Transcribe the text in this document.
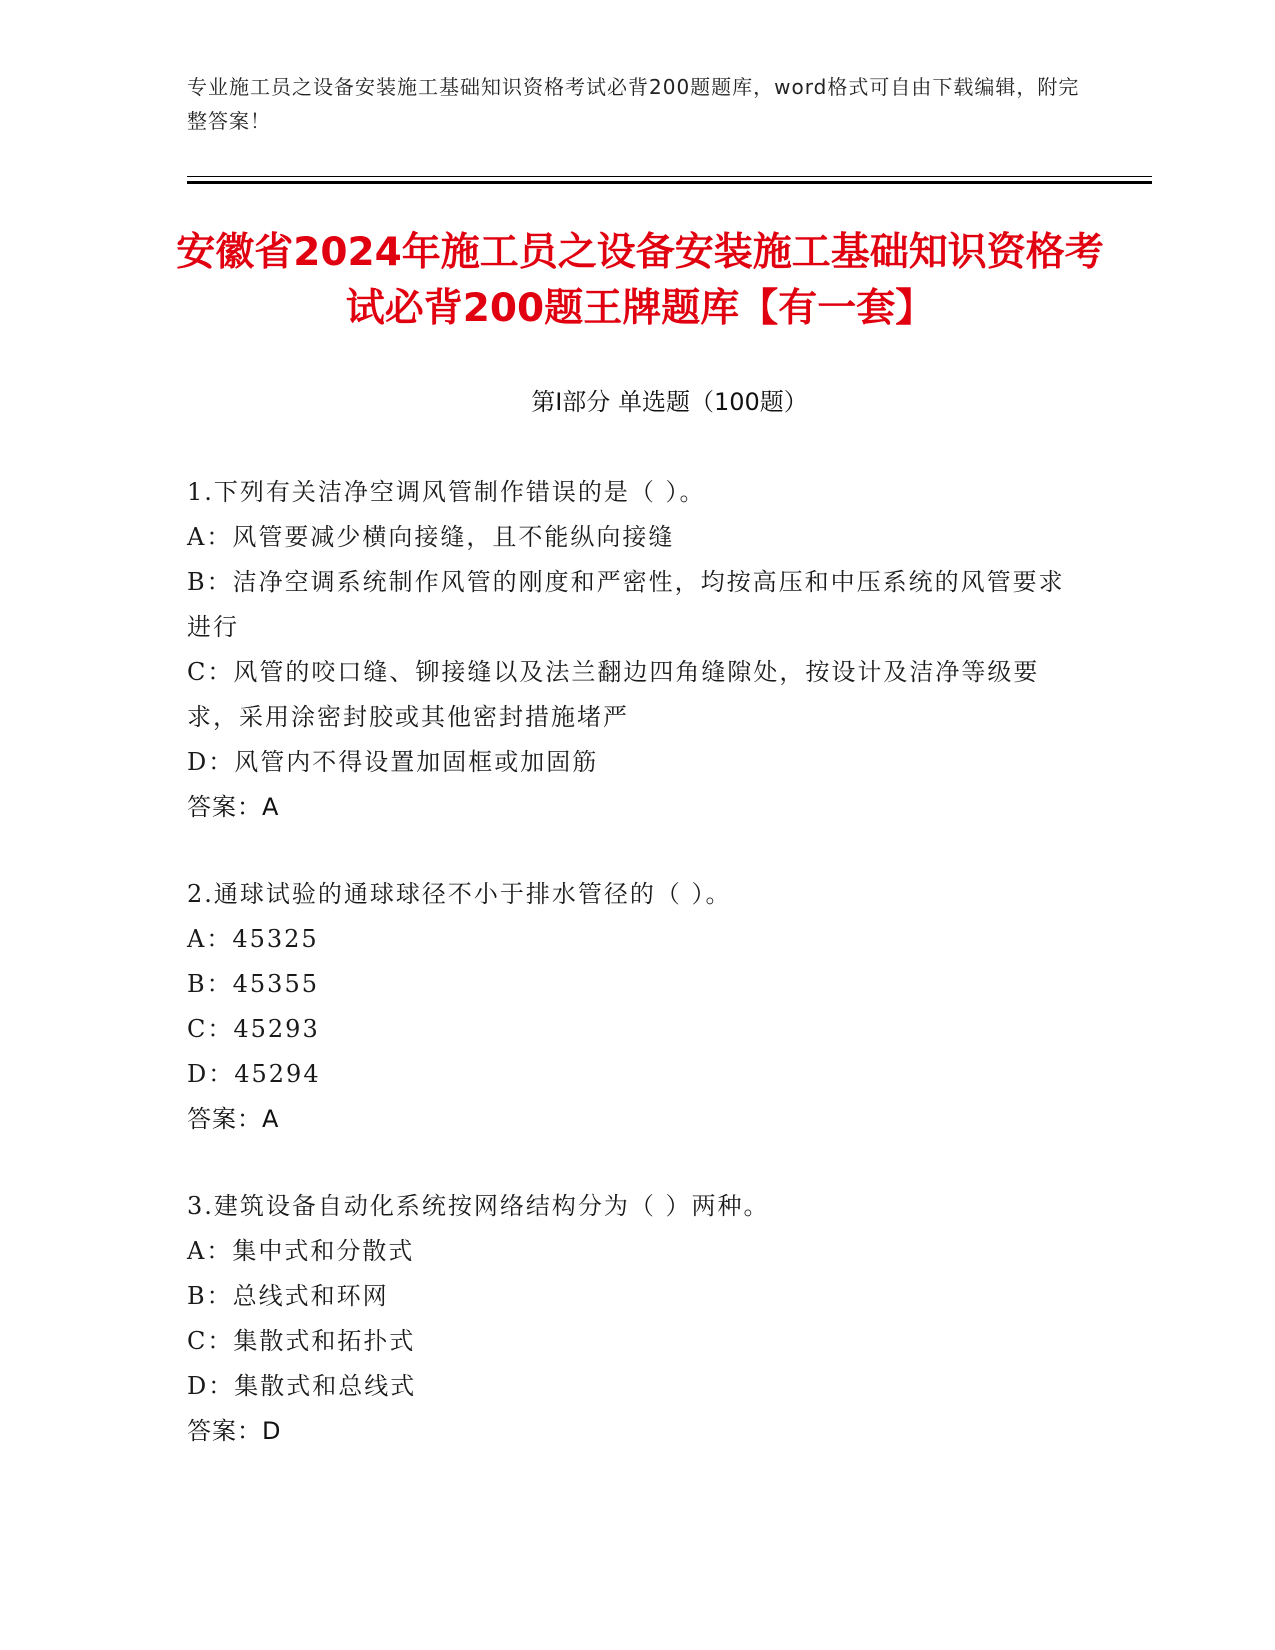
专业施工员之设备安装施工基础知识资格考试必背200题题库，word格式可自由下载编辑，附完整答案！
安徽省2024年施工员之设备安装施工基础知识资格考试必背200题王牌题库【有一套】
第I部分 单选题（100题）

1.下列有关洁净空调风管制作错误的是（ ）。

A：风管要减少横向接缝，且不能纵向接缝

B：洁净空调系统制作风管的刚度和严密性，均按高压和中压系统的风管要求进行

C：风管的咬口缝、铆接缝以及法兰翻边四角缝隙处，按设计及洁净等级要求，采用涂密封胶或其他密封措施堵严

D：风管内不得设置加固框或加固筋

答案：A

2.通球试验的通球球径不小于排水管径的（ ）。

A：45325

B：45355

C：45293

D：45294

答案：A

3.建筑设备自动化系统按网络结构分为（ ）两种。

A：集中式和分散式

B：总线式和环网

C：集散式和拓扑式

D：集散式和总线式

答案：D
